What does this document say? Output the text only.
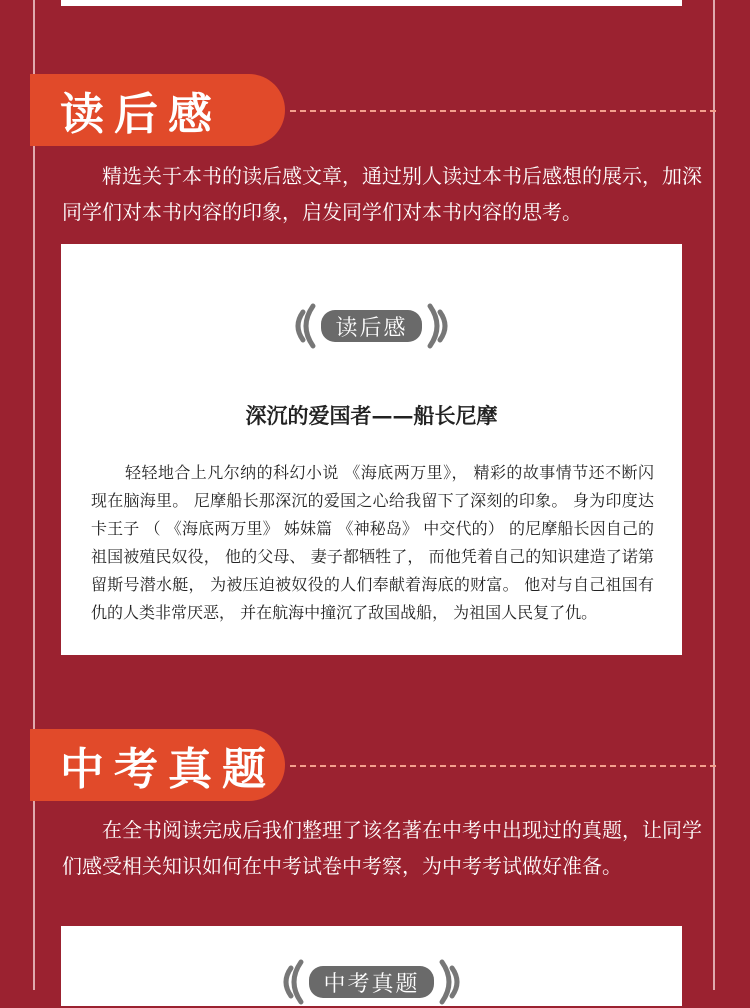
读后感

精选关于本书的读后感文章，通过别人读过本书后感想的展示，加深同学们对本书内容的印象，启发同学们对本书内容的思考。

读后感

深沉的爱国者——船长尼摩

轻轻地合上凡尔纳的科幻小说 《海底两万里》， 精彩的故事情节还不断闪现在脑海里。 尼摩船长那深沉的爱国之心给我留下了深刻的印象。 身为印度达卡王子 （ 《海底两万里》 姊妹篇 《神秘岛》 中交代的） 的尼摩船长因自己的祖国被殖民奴役， 他的父母、 妻子都牺牲了， 而他凭着自己的知识建造了诺第留斯号潜水艇， 为被压迫被奴役的人们奉献着海底的财富。 他对与自己祖国有仇的人类非常厌恶， 并在航海中撞沉了敌国战船， 为祖国人民复了仇。

中考真题

在全书阅读完成后我们整理了该名著在中考中出现过的真题，让同学们感受相关知识如何在中考试卷中考察，为中考考试做好准备。

中考真题
